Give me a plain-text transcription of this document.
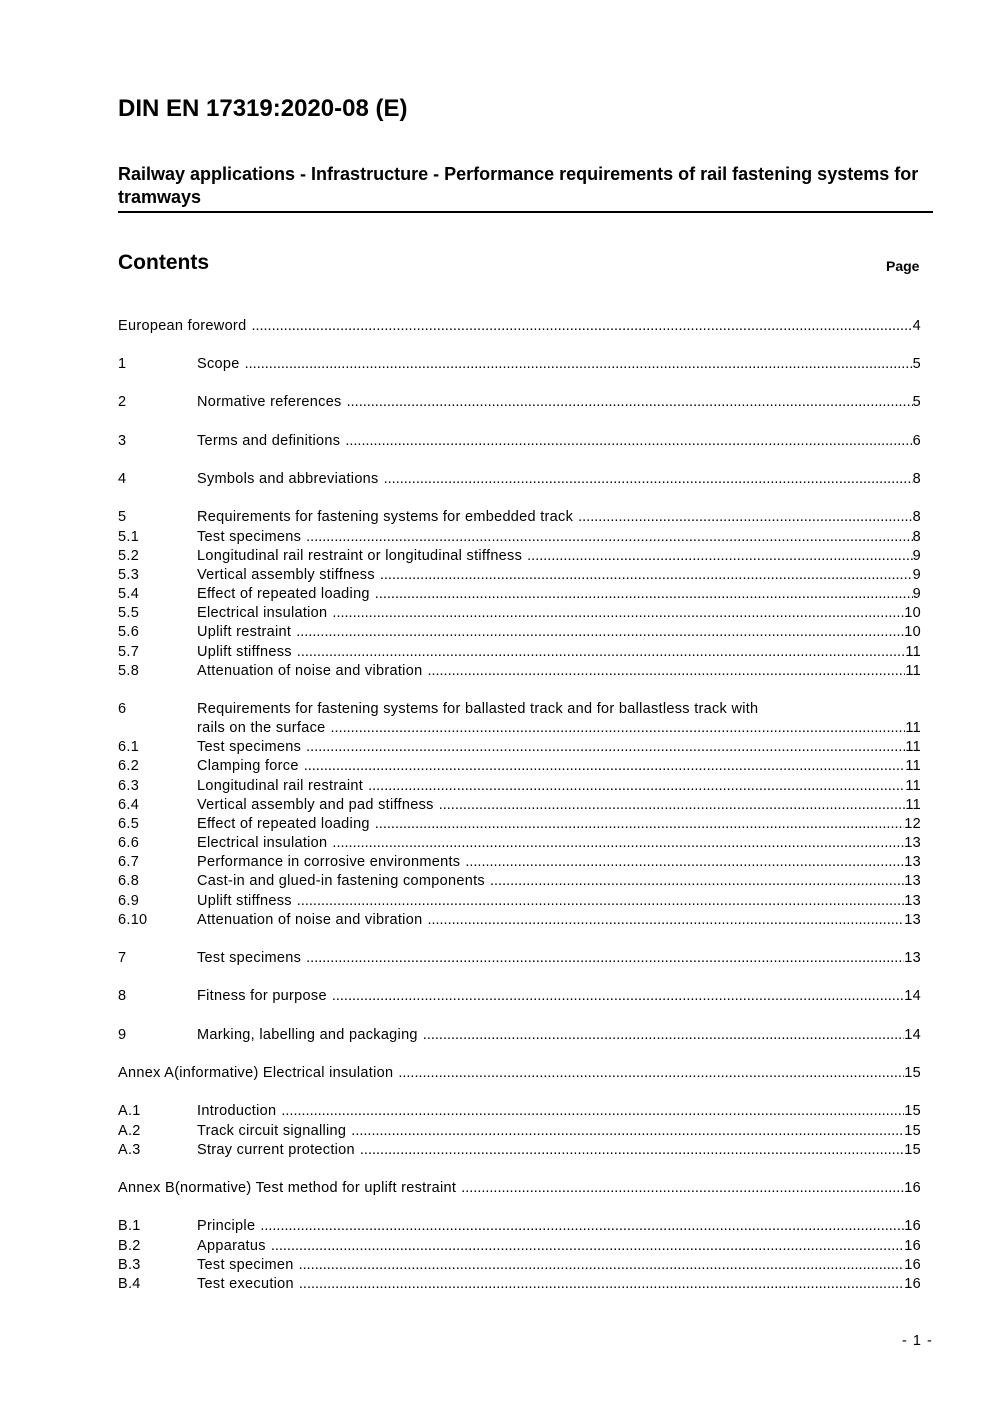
DIN EN 17319:2020-08 (E)
Railway applications - Infrastructure - Performance requirements of rail fastening systems for tramways
Contents	Page
European foreword .....	4
1	Scope .....	5
2	Normative references .....	5
3	Terms and definitions .....	6
4	Symbols and abbreviations .....	8
5	Requirements for fastening systems for embedded track .....	8
5.1	Test specimens .....	8
5.2	Longitudinal rail restraint or longitudinal stiffness .....	9
5.3	Vertical assembly stiffness .....	9
5.4	Effect of repeated loading .....	9
5.5	Electrical insulation .....	10
5.6	Uplift restraint .....	10
5.7	Uplift stiffness .....	11
5.8	Attenuation of noise and vibration .....	11
6	Requirements for fastening systems for ballasted track and for ballastless track with
rails on the surface .....	11
6.1	Test specimens .....	11
6.2	Clamping force .....	11
6.3	Longitudinal rail restraint .....	11
6.4	Vertical assembly and pad stiffness .....	11
6.5	Effect of repeated loading .....	12
6.6	Electrical insulation .....	13
6.7	Performance in corrosive environments .....	13
6.8	Cast-in and glued-in fastening components .....	13
6.9	Uplift stiffness .....	13
6.10	Attenuation of noise and vibration .....	13
7	Test specimens .....	13
8	Fitness for purpose .....	14
9	Marking, labelling and packaging .....	14
Annex A(informative) Electrical insulation .....	15
A.1	Introduction .....	15
A.2	Track circuit signalling .....	15
A.3	Stray current protection .....	15
Annex B(normative) Test method for uplift restraint .....	16
B.1	Principle .....	16
B.2	Apparatus .....	16
B.3	Test specimen .....	16
B.4	Test execution .....	16
- 1 -
